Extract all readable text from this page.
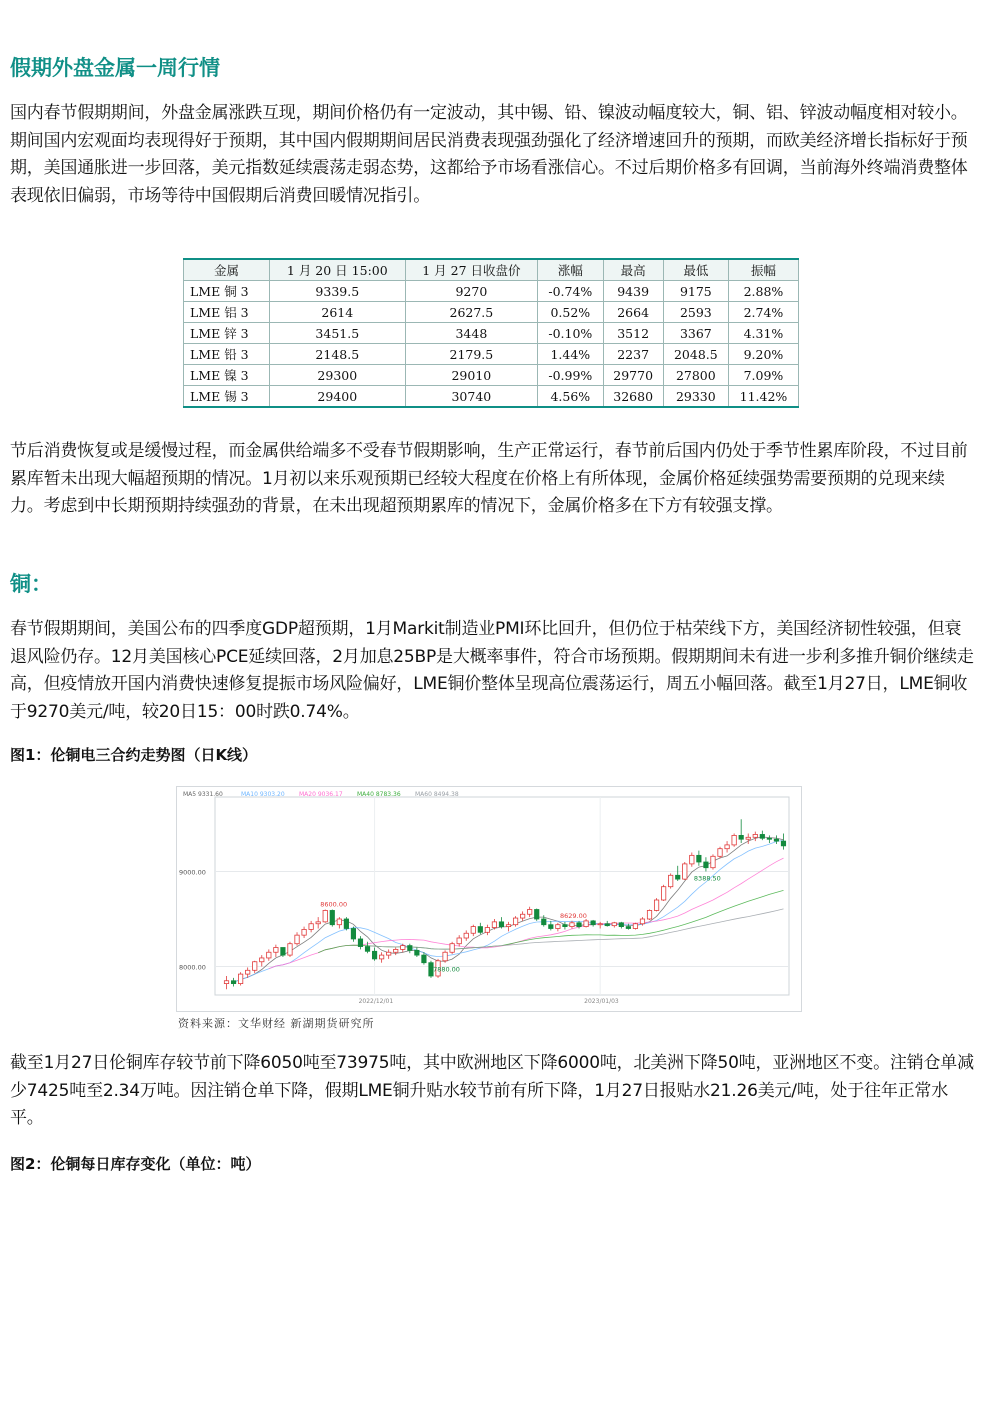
假期外盘金属一周行情

国内春节假期期间，外盘金属涨跌互现，期间价格仍有一定波动，其中锡、铅、镍波动幅度较大，铜、铝、锌波动幅度相对较小。期间国内宏观面均表现得好于预期，其中国内假期期间居民消费表现强劲强化了经济增速回升的预期，而欧美经济增长指标好于预期，美国通胀进一步回落，美元指数延续震荡走弱态势，这都给予市场看涨信心。不过后期价格多有回调，当前海外终端消费整体表现依旧偏弱，市场等待中国假期后消费回暖情况指引。

节后消费恢复或是缓慢过程，而金属供给端多不受春节假期影响，生产正常运行，春节前后国内仍处于季节性累库阶段，不过目前累库暂未出现大幅超预期的情况。1月初以来乐观预期已经较大程度在价格上有所体现，金属价格延续强势需要预期的兑现来续力。考虑到中长期预期持续强劲的背景，在未出现超预期累库的情况下，金属价格多在下方有较强支撑。

铜：

春节假期期间，美国公布的四季度GDP超预期，1月Markit制造业PMI环比回升，但仍位于枯荣线下方，美国经济韧性较强，但衰退风险仍存。12月美国核心PCE延续回落，2月加息25BP是大概率事件，符合市场预期。假期期间未有进一步利多推升铜价继续走高，但疫情放开国内消费快速修复提振市场风险偏好，LME铜价整体呈现高位震荡运行，周五小幅回落。截至1月27日，LME铜收于9270美元/吨，较20日15：00时跌0.74%。

图1：伦铜电三合约走势图（日K线）

截至1月27日伦铜库存较节前下降6050吨至73975吨，其中欧洲地区下降6000吨，北美洲下降50吨，亚洲地区不变。注销仓单减少7425吨至2.34万吨。因注销仓单下降，假期LME铜升贴水较节前有所下降，1月27日报贴水21.26美元/吨，处于往年正常水平。

图2：伦铜每日库存变化（单位：吨）

金属	1 月 20 日 15:00	1 月 27 日收盘价	涨幅	最高	最低	振幅
LME 铜 3	9339.5	9270	-0.74%	9439	9175	2.88%
LME 铝 3	2614	2627.5	0.52%	2664	2593	2.74%
LME 锌 3	3451.5	3448	-0.10%	3512	3367	4.31%
LME 铅 3	2148.5	2179.5	1.44%	2237	2048.5	9.20%
LME 镍 3	29300	29010	-0.99%	29770	27800	7.09%
LME 锡 3	29400	30740	4.56%	32680	29330	11.42%
9000.00
8000.00
2022/12/01	2023/01/03
MA5 9331.60	MA10 9303.20 MA20 9036.17 MA40 8783.36 MA60 8494.38
8600.00
8629.00
7880.00
8388.50
资料来源：文华财经 新湖期货研究所
